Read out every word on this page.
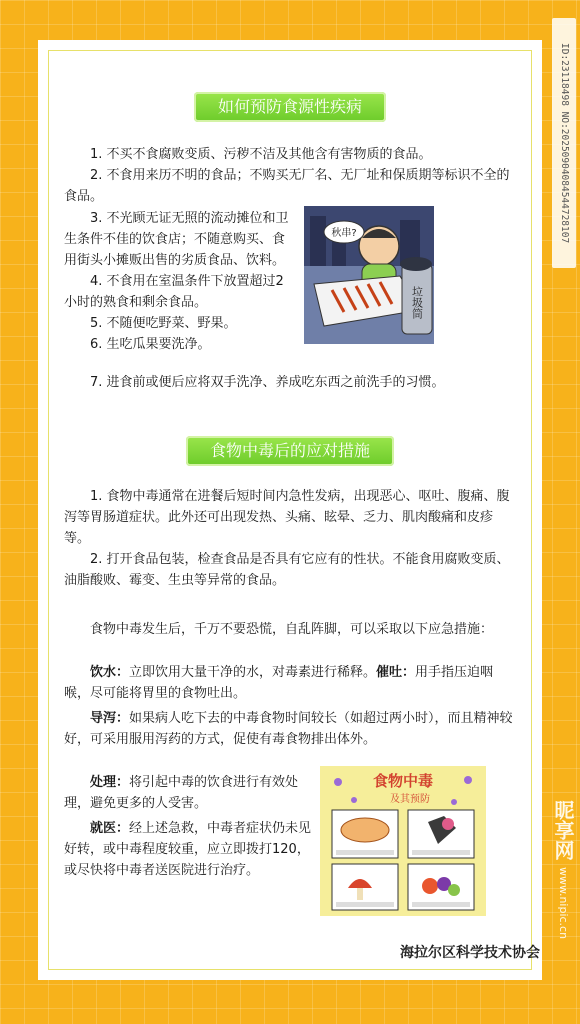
ID:23118498 NO:20250904084544728107
如何预防食源性疾病
1. 不买不食腐败变质、污秽不洁及其他含有害物质的食品。
2. 不食用来历不明的食品；不购买无厂名、无厂址和保质期等标识不全的食品。
3. 不光顾无证无照的流动摊位和卫生条件不佳的饮食店；不随意购买、食用街头小摊贩出售的劣质食品、饮料。
4. 不食用在室温条件下放置超过2小时的熟食和剩余食品。
5. 不随便吃野菜、野果。
6. 生吃瓜果要洗净。
7. 进食前或便后应将双手洗净、养成吃东西之前洗手的习惯。
秋串?
垃圾筒
食物中毒后的应对措施
1. 食物中毒通常在进餐后短时间内急性发病，出现恶心、呕吐、腹痛、腹泻等胃肠道症状。此外还可出现发热、头痛、眩晕、乏力、肌肉酸痛和皮疹等。
2. 打开食品包装，检查食品是否具有它应有的性状。不能食用腐败变质、油脂酸败、霉变、生虫等异常的食品。
食物中毒发生后，千万不要恐慌，自乱阵脚，可以采取以下应急措施：
饮水：立即饮用大量干净的水，对毒素进行稀释。催吐：用手指压迫咽喉，尽可能将胃里的食物吐出。
导泻：如果病人吃下去的中毒食物时间较长（如超过两小时），而且精神较好，可采用服用泻药的方式，促使有毒食物排出体外。
处理：将引起中毒的饮食进行有效处理，避免更多的人受害。
就医：经上述急救，中毒者症状仍未见好转，或中毒程度较重，应立即拨打120，或尽快将中毒者送医院进行治疗。
食物中毒
及其预防
海拉尔区科学技术协会
昵享网 www.nipic.cn
